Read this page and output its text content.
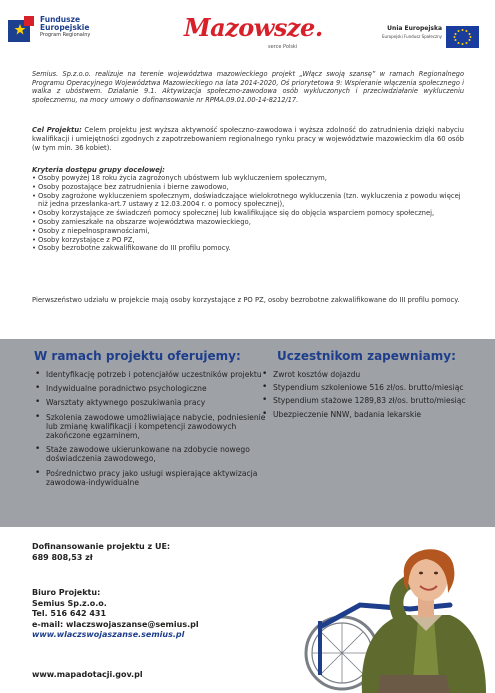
Fundusze
Europejskie
Program Regionalny	Mazowsze.
serce Polski
Unia Europejska
Europejski Fundusz Społeczny

Semius. Sp.z.o.o. realizuje na terenie województwa mazowieckiego projekt „Włącz swoją szansę” w ramach Regionalnego Programu Operacyjnego Województwa Mazowieckiego na lata 2014-2020, Oś priorytetowa 9: Wspieranie włączenia społecznego i walka z ubóstwem. Działanie 9.1. Aktywizacja społeczno-zawodowa osób wykluczonych i przeciwdziałanie wykluczeniu społecznemu, na mocy umowy o dofinansowanie nr RPMA.09.01.00-14-8212/17.

Cel Projektu: Celem projektu jest wyższa aktywność społeczno-zawodowa i wyższa zdolność do zatrudnienia dzięki nabyciu kwalifikacji i umiejętności zgodnych z zapotrzebowaniem regionalnego rynku pracy w województwie mazowieckim dla 60 osób (w tym min. 36 kobiet).

Kryteria dostępu grupy docelowej:
• Osoby powyżej 18 roku życia zagrożonych ubóstwem lub wykluczeniem społecznym,
• Osoby pozostające bez zatrudnienia i bierne zawodowo,
• Osoby zagrożone wykluczeniem społecznym, doświadczające wielokrotnego wykluczenia (tzn. wykluczenia z powodu więcej niż jedna przesłanka-art.7 ustawy z 12.03.2004 r. o pomocy społecznej),
• Osoby korzystające ze świadczeń pomocy społecznej lub kwalifikujące się do objęcia wsparciem pomocy społecznej,
• Osoby zamieszkałe na obszarze województwa mazowieckiego,
• Osoby z niepełnosprawnościami,
• Osoby korzystające z PO PZ,
• Osoby bezrobotne zakwalifikowane do III profilu pomocy.

Pierwszeństwo udziału w projekcie mają osoby korzystające z PO PZ, osoby bezrobotne zakwalifikowane do III profilu pomocy.

W ramach projektu oferujemy:	Uczestnikom zapewniamy:
• Identyfikację potrzeb i potencjałów uczestników projektu
• Indywidualne poradnictwo psychologiczne
• Warsztaty aktywnego poszukiwania pracy
• Szkolenia zawodowe umożliwiające nabycie, podniesienie lub zmianę kwalifikacji i kompetencji zawodowych zakończone egzaminem,
• Staże zawodowe ukierunkowane na zdobycie nowego doświadczenia zawodowego,
• Pośrednictwo pracy jako usługi wspierające aktywizacja zawodowa-indywidualne
• Zwrot kosztów dojazdu
• Stypendium szkoleniowe 516 zł/os. brutto/miesiąc
• Stypendium stażowe 1289,83 zł/os. brutto/miesiąc
• Ubezpieczenie NNW, badania lekarskie
Dofinansowanie projektu z UE:
689 808,53 zł
Biuro Projektu:
Semius Sp.z.o.o.
Tel. 516 642 431
e-mail: wlaczswojaszanse@semius.pl
www.wlaczswojaszanse.semius.pl
www.mapadotacji.gov.pl
